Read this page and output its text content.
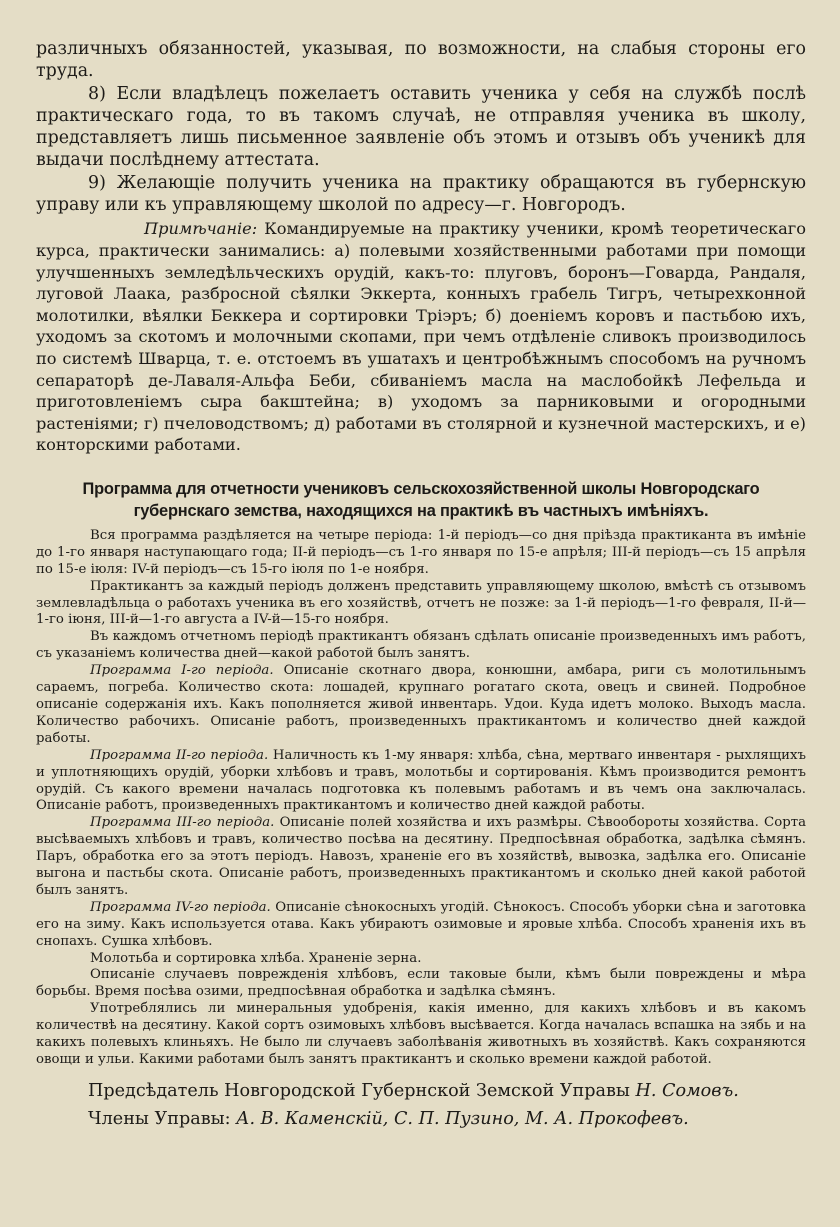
различныхъ обязанностей, указывая, по возможности, на слабыя стороны его труда.

8) Если владѣлецъ пожелаетъ оставить ученика у себя на службѣ послѣ практическаго года, то въ такомъ случаѣ, не отправляя ученика въ школу, представляетъ лишь письменное заявленіе объ этомъ и отзывъ объ ученикѣ для выдачи послѣднему аттестата.

9) Желающіе получить ученика на практику обращаются въ губернскую управу или къ управляющему школой по адресу—г. Новгородъ.

Примѣчаніе: Командируемые на практику ученики, кромѣ теоретическаго курса, практически занимались: а) полевыми хозяйственными работами при помощи улучшенныхъ земледѣльческихъ орудій, какъ-то: плуговъ, боронъ—Говарда, Рандаля, луговой Лаака, разбросной сѣялки Эккерта, конныхъ грабель Тигръ, четырехконной молотилки, вѣялки Беккера и сортировки Тріэръ; б) доеніемъ коровъ и пастьбою ихъ, уходомъ за скотомъ и молочными скопами, при чемъ отдѣленіе сливокъ производилось по системѣ Шварца, т. е. отстоемъ въ ушатахъ и центробѣжнымъ способомъ на ручномъ сепараторѣ де-Лаваля-Альфа Беби, сбиваніемъ масла на маслобойкѣ Лефельда и приготовленіемъ сыра бакштейна; в) уходомъ за парниковыми и огородными растеніями; г) пчеловодствомъ; д) работами въ столярной и кузнечной мастерскихъ, и е) конторскими работами.

Программа для отчетности учениковъ сельскохозяйственной школы Новгородскаго губернскаго земства, находящихся на практикѣ въ частныхъ имѣніяхъ.

Вся программа раздѣляется на четыре періода: 1-й періодъ—со дня пріѣзда практиканта въ имѣніе до 1-го января наступающаго года; II-й періодъ—съ 1-го января по 15-е апрѣля; III-й періодъ—съ 15 апрѣля по 15-е іюля: IV-й періодъ—съ 15-го іюля по 1-е ноября.

Практикантъ за каждый періодъ долженъ представить управляющему школою, вмѣстѣ съ отзывомъ землевладѣльца о работахъ ученика въ его хозяйствѣ, отчетъ не позже: за 1-й періодъ—1-го февраля, II-й—1-го іюня, III-й—1-го августа а IV-й—15-го ноября.

Въ каждомъ отчетномъ періодѣ практикантъ обязанъ сдѣлать описаніе произведенныхъ имъ работъ, съ указаніемъ количества дней—какой работой былъ занятъ.

Программа I-го періода. Описаніе скотнаго двора, конюшни, амбара, риги съ молотильнымъ сараемъ, погреба. Количество скота: лошадей, крупнаго рогатаго скота, овецъ и свиней. Подробное описаніе содержанія ихъ. Какъ пополняется живой инвентарь. Удои. Куда идетъ молоко. Выходъ масла. Количество рабочихъ. Описаніе работъ, произведенныхъ практикантомъ и количество дней каждой работы.

Программа II-го періода. Наличность къ 1-му января: хлѣба, сѣна, мертваго инвентаря - рыхлящихъ и уплотняющихъ орудій, уборки хлѣбовъ и травъ, молотьбы и сортированія. Кѣмъ производится ремонтъ орудій. Съ какого времени началась подготовка къ полевымъ работамъ и въ чемъ она заключалась. Описаніе работъ, произведенныхъ практикантомъ и количество дней каждой работы.

Программа III-го періода. Описаніе полей хозяйства и ихъ размѣры. Сѣвообороты хозяйства. Сорта высѣваемыхъ хлѣбовъ и травъ, количество посѣва на десятину. Предпосѣвная обработка, задѣлка сѣмянъ. Паръ, обработка его за этотъ періодъ. Навозъ, храненіе его въ хозяйствѣ, вывозка, задѣлка его. Описаніе выгона и пастьбы скота. Описаніе работъ, произведенныхъ практикантомъ и сколько дней какой работой былъ занятъ.

Программа IV-го періода. Описаніе сѣнокосныхъ угодій. Сѣнокосъ. Способъ уборки сѣна и заготовка его на зиму. Какъ используется отава. Какъ убираютъ озимовые и яровые хлѣба. Способъ храненія ихъ въ снопахъ. Сушка хлѣбовъ.

Молотьба и сортировка хлѣба. Храненіе зерна.

Описаніе случаевъ поврежденія хлѣбовъ, если таковые были, кѣмъ были повреждены и мѣра борьбы. Время посѣва озими, предпосѣвная обработка и задѣлка сѣмянъ.

Употреблялись ли минеральныя удобренія, какія именно, для какихъ хлѣбовъ и въ какомъ количествѣ на десятину. Какой сортъ озимовыхъ хлѣбовъ высѣвается. Когда началась вспашка на зябь и на какихъ полевыхъ клиньяхъ. Не было ли случаевъ заболѣванія животныхъ въ хозяйствѣ. Какъ сохраняются овощи и ульи. Какими работами былъ занятъ практикантъ и сколько времени каждой работой.

Предсѣдатель Новгородской Губернской Земской Управы Н. Сомовъ.
Члены Управы: А. В. Каменскій, С. П. Пузино, М. А. Прокофевъ.
